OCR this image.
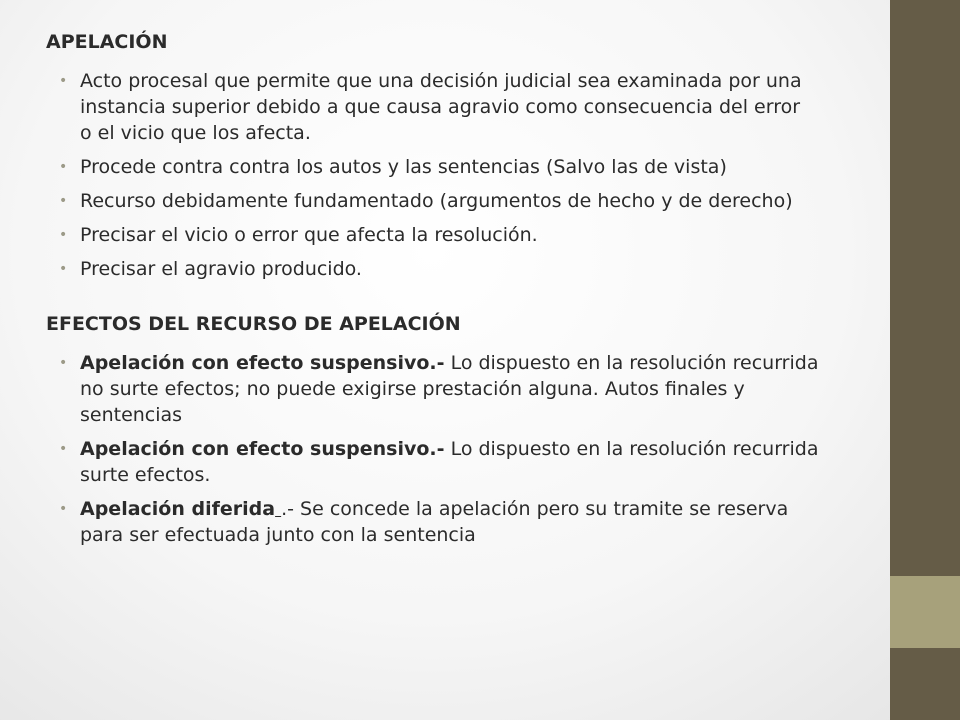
APELACIÓN
• Acto procesal que permite que una decisión judicial sea examinada por una
instancia superior debido a que causa agravio como consecuencia del error
o el vicio que los afecta.
• Procede contra contra los autos y las sentencias (Salvo las de vista)
• Recurso debidamente fundamentado (argumentos de hecho y de derecho)
• Precisar el vicio o error que afecta la resolución.
• Precisar el agravio producido.
EFECTOS DEL RECURSO DE APELACIÓN
• Apelación con efecto suspensivo.- Lo dispuesto en la resolución recurrida
no surte efectos; no puede exigirse prestación alguna. Autos finales y
sentencias
• Apelación con efecto suspensivo.- Lo dispuesto en la resolución recurrida
surte efectos.
• Apelación diferida .- Se concede la apelación pero su tramite se reserva
para ser efectuada junto con la sentencia
